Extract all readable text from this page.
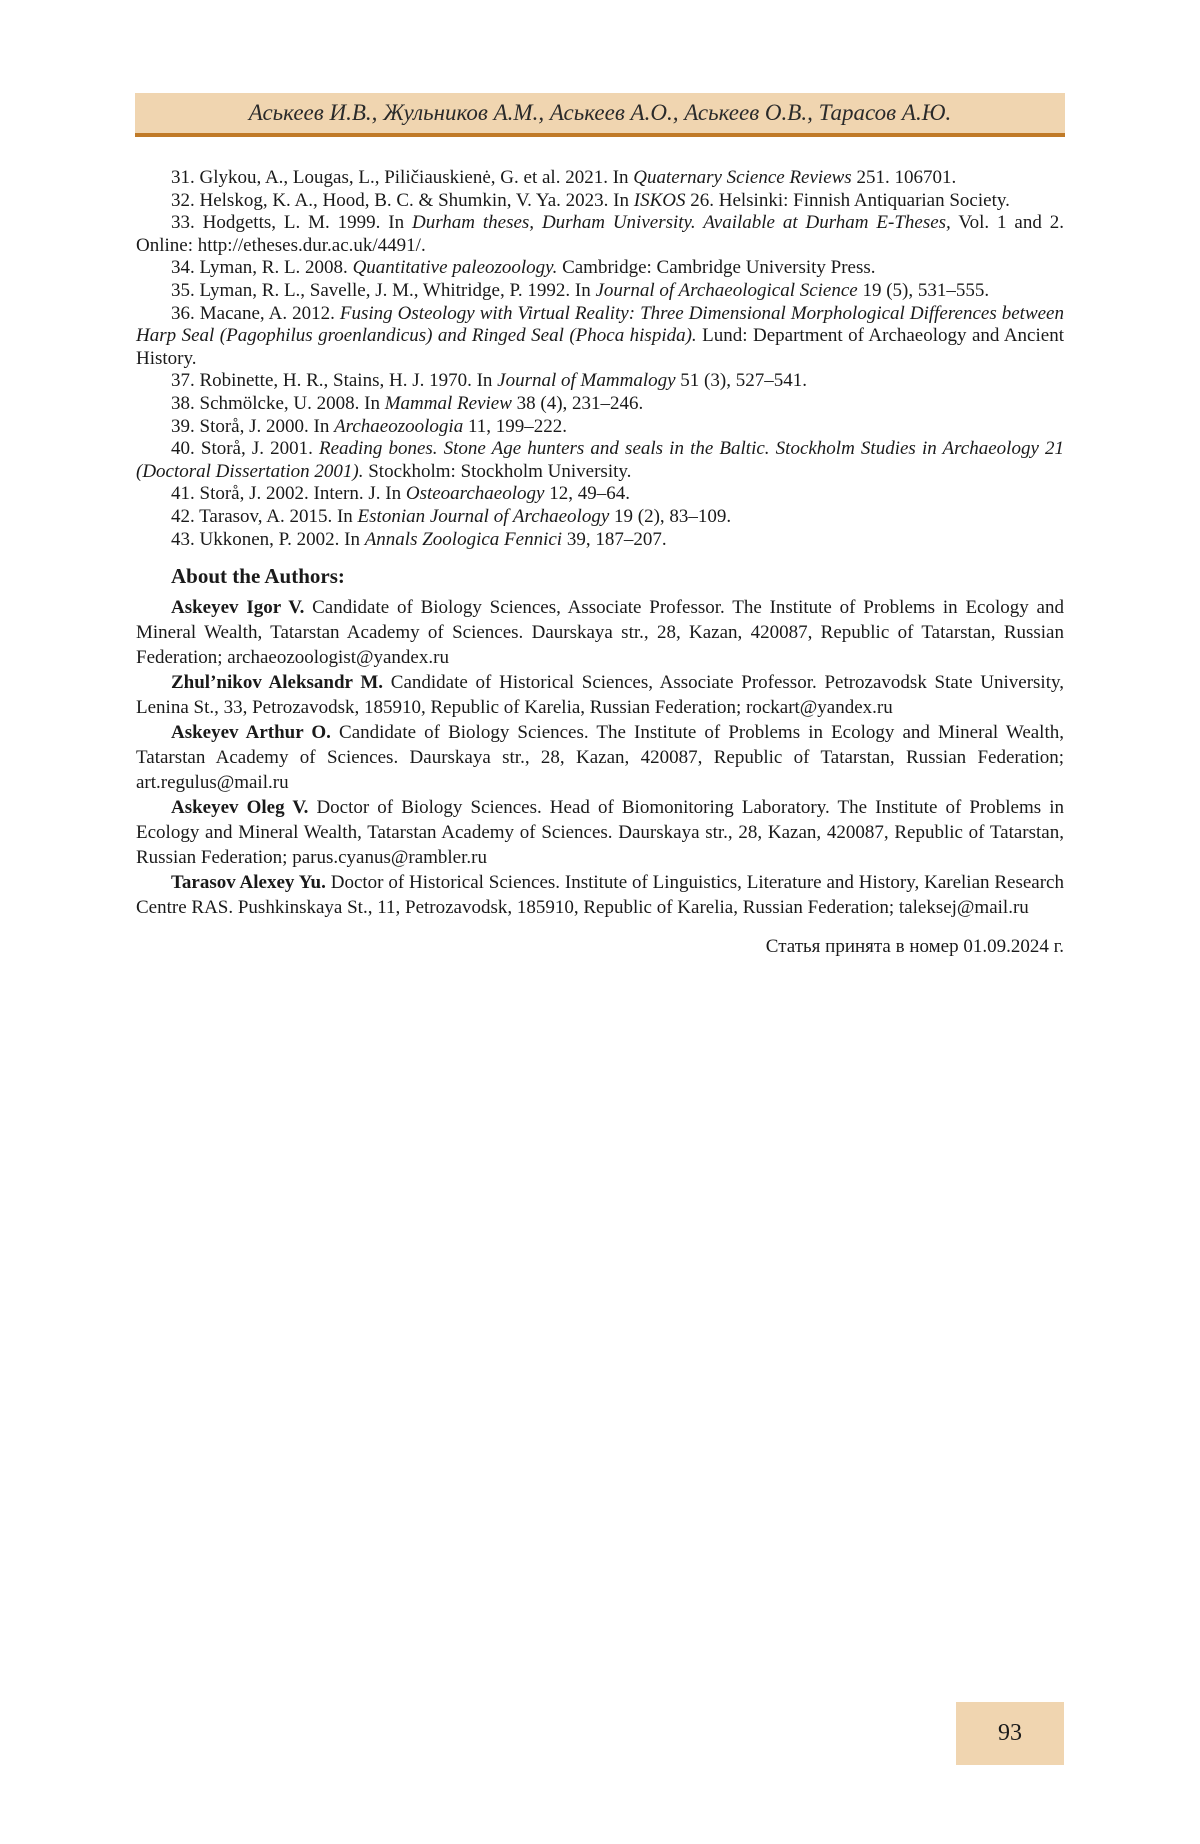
Аськеев И.В., Жульников А.М., Аськеев А.О., Аськеев О.В., Тарасов А.Ю.

31. Glykou, A., Lougas, L., Piličiauskienė, G. et al. 2021. In Quaternary Science Reviews 251. 106701.

32. Helskog, K. A., Hood, B. C. & Shumkin, V. Ya. 2023. In ISKOS 26. Helsinki: Finnish Antiquarian Society.

33. Hodgetts, L. M. 1999. In Durham theses, Durham University. Available at Durham E-Theses, Vol. 1 and 2. Online: http://etheses.dur.ac.uk/4491/.

34. Lyman, R. L. 2008. Quantitative paleozoology. Cambridge: Cambridge University Press.

35. Lyman, R. L., Savelle, J. M., Whitridge, P. 1992. In Journal of Archaeological Science 19 (5), 531–555.

36. Macane, A. 2012. Fusing Osteology with Virtual Reality: Three Dimensional Morphological Differences between Harp Seal (Pagophilus groenlandicus) and Ringed Seal (Phoca hispida). Lund: Department of Archaeology and Ancient History.

37. Robinette, H. R., Stains, H. J. 1970. In Journal of Mammalogy 51 (3), 527–541.

38. Schmölcke, U. 2008. In Mammal Review 38 (4), 231–246.

39. Storå, J. 2000. In Archaeozoologia 11, 199–222.

40. Storå, J. 2001. Reading bones. Stone Age hunters and seals in the Baltic. Stockholm Studies in Archaeology 21 (Doctoral Dissertation 2001). Stockholm: Stockholm University.

41. Storå, J. 2002. Intern. J. In Osteoarchaeology 12, 49–64.

42. Tarasov, A. 2015. In Estonian Journal of Archaeology 19 (2), 83–109.

43. Ukkonen, P. 2002. In Annals Zoologica Fennici 39, 187–207.

About the Authors:

Askeyev Igor V. Candidate of Biology Sciences, Associate Professor. The Institute of Problems in Ecology and Mineral Wealth, Tatarstan Academy of Sciences. Daurskaya str., 28, Kazan, 420087, Republic of Tatarstan, Russian Federation; archaeozoologist@yandex.ru

Zhul’nikov Aleksandr M. Candidate of Historical Sciences, Associate Professor. Petrozavodsk State University, Lenina St., 33, Petrozavodsk, 185910, Republic of Karelia, Russian Federation; rockart@yandex.ru

Askeyev Arthur O. Candidate of Biology Sciences. The Institute of Problems in Ecology and Mineral Wealth, Tatarstan Academy of Sciences. Daurskaya str., 28, Kazan, 420087, Republic of Tatarstan, Russian Federation; art.regulus@mail.ru

Askeyev Oleg V. Doctor of Biology Sciences. Head of Biomonitoring Laboratory. The Institute of Problems in Ecology and Mineral Wealth, Tatarstan Academy of Sciences. Daurskaya str., 28, Kazan, 420087, Republic of Tatarstan, Russian Federation; parus.cyanus@rambler.ru

Tarasov Alexey Yu. Doctor of Historical Sciences. Institute of Linguistics, Literature and History, Karelian Research Centre RAS. Pushkinskaya St., 11, Petrozavodsk, 185910, Republic of Karelia, Russian Federation; taleksej@mail.ru

Статья принята в номер 01.09.2024 г.
93
